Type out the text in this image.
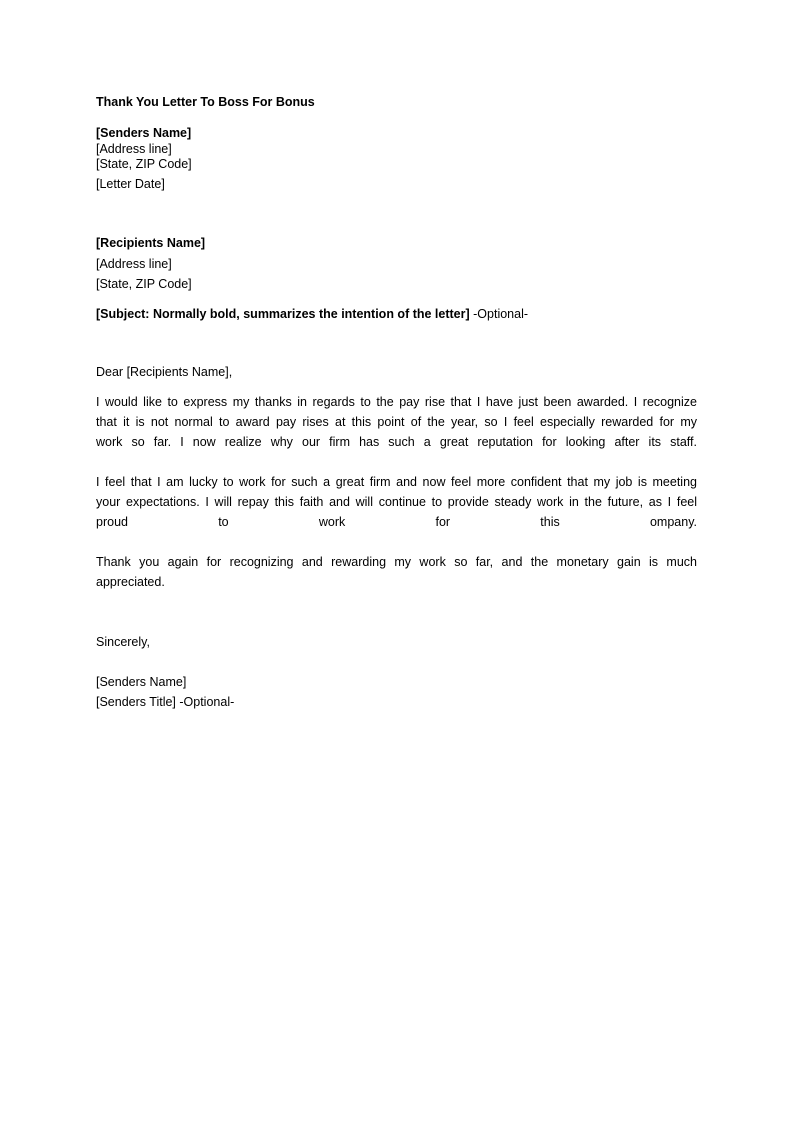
Thank You Letter To Boss For Bonus
[Senders Name]
[Address line]
[State, ZIP Code]
[Letter Date]
[Recipients Name]
[Address line]
[State, ZIP Code]
[Subject: Normally bold, summarizes the intention of the letter] -Optional-
Dear [Recipients Name],
I would like to express my thanks in regards to the pay rise that I have just been awarded. I recognize
that it is not normal to award pay rises at this point of the year, so I feel especially rewarded for my
work so far. I now realize why our firm has such a great reputation for looking after its staff.
I feel that I am lucky to work for such a great firm and now feel more confident that my job is meeting
your expectations. I will repay this faith and will continue to provide steady work in the future, as I feel
proud to work for this ompany.
Thank you again for recognizing and rewarding my work so far, and the monetary gain is much
appreciated.
Sincerely,
[Senders Name]
[Senders Title] -Optional-
